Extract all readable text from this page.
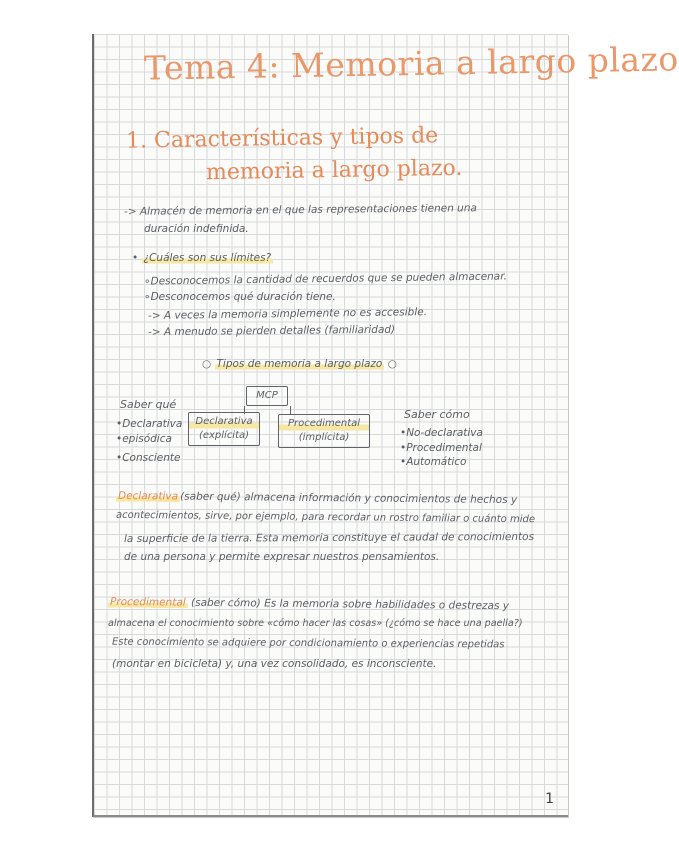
Tema 4: Memoria a largo plazo
1. Características y tipos de
memoria a largo plazo.
-> Almacén de memoria en el que las representaciones tienen una
duración indefinida.
• ¿Cuáles son sus límites?
∘Desconocemos la cantidad de recuerdos que se pueden almacenar.
∘Desconocemos qué duración tiene.
-> A veces la memoria simplemente no es accesible.
-> A menudo se pierden detalles (familiaridad)
○ Tipos de memoria a largo plazo ○
MCP
Declarativa
(explícita)
Procedimental
(implícita)
Saber qué
•Declarativa
•episódica
•Consciente
Saber cómo
•No-declarativa
•Procedimental
•Automático
Declarativa (saber qué) almacena información y conocimientos de hechos y
acontecimientos, sirve, por ejemplo, para recordar un rostro familiar o cuánto mide
la superficie de la tierra. Esta memoria constituye el caudal de conocimientos
de una persona y permite expresar nuestros pensamientos.
Procedimental (saber cómo) Es la memoria sobre habilidades o destrezas y
almacena el conocimiento sobre «cómo hacer las cosas» (¿cómo se hace una paella?)
Este conocimiento se adquiere por condicionamiento o experiencias repetidas
(montar en bicicleta) y, una vez consolidado, es inconsciente.
1
